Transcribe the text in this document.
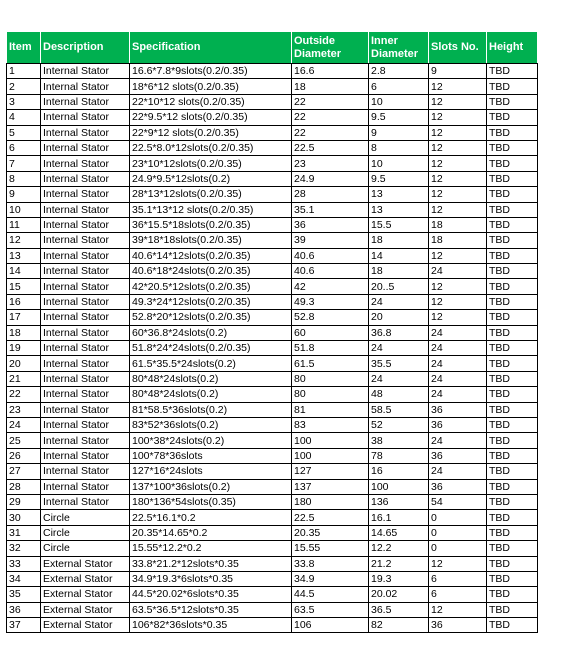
Item	Description	Specification	Outside Diameter	Inner Diameter	Slots No.	Height
1	Internal Stator	16.6*7.8*9slots(0.2/0.35)	16.6	2.8	9	TBD
2	Internal Stator	18*6*12 slots(0.2/0.35)	18	6	12	TBD
3	Internal Stator	22*10*12 slots(0.2/0.35)	22	10	12	TBD
4	Internal Stator	22*9.5*12 slots(0.2/0.35)	22	9.5	12	TBD
5	Internal Stator	22*9*12 slots(0.2/0.35)	22	9	12	TBD
6	Internal Stator	22.5*8.0*12slots(0.2/0.35)	22.5	8	12	TBD
7	Internal Stator	23*10*12slots(0.2/0.35)	23	10	12	TBD
8	Internal Stator	24.9*9.5*12slots(0.2)	24.9	9.5	12	TBD
9	Internal Stator	28*13*12slots(0.2/0.35)	28	13	12	TBD
10	Internal Stator	35.1*13*12 slots(0.2/0.35)	35.1	13	12	TBD
11	Internal Stator	36*15.5*18slots(0.2/0.35)	36	15.5	18	TBD
12	Internal Stator	39*18*18slots(0.2/0.35)	39	18	18	TBD
13	Internal Stator	40.6*14*12slots(0.2/0.35)	40.6	14	12	TBD
14	Internal Stator	40.6*18*24slots(0.2/0.35)	40.6	18	24	TBD
15	Internal Stator	42*20.5*12slots(0.2/0.35)	42	20..5	12	TBD
16	Internal Stator	49.3*24*12slots(0.2/0.35)	49.3	24	12	TBD
17	Internal Stator	52.8*20*12slots(0.2/0.35)	52.8	20	12	TBD
18	Internal Stator	60*36.8*24slots(0.2)	60	36.8	24	TBD
19	Internal Stator	51.8*24*24slots(0.2/0.35)	51.8	24	24	TBD
20	Internal Stator	61.5*35.5*24slots(0.2)	61.5	35.5	24	TBD
21	Internal Stator	80*48*24slots(0.2)	80	24	24	TBD
22	Internal Stator	80*48*24slots(0.2)	80	48	24	TBD
23	Internal Stator	81*58.5*36slots(0.2)	81	58.5	36	TBD
24	Internal Stator	83*52*36slots(0.2)	83	52	36	TBD
25	Internal Stator	100*38*24slots(0.2)	100	38	24	TBD
26	Internal Stator	100*78*36slots	100	78	36	TBD
27	Internal Stator	127*16*24slots	127	16	24	TBD
28	Internal Stator	137*100*36slots(0.2)	137	100	36	TBD
29	Internal Stator	180*136*54slots(0.35)	180	136	54	TBD
30	Circle	22.5*16.1*0.2	22.5	16.1	0	TBD
31	Circle	20.35*14.65*0.2	20.35	14.65	0	TBD
32	Circle	15.55*12.2*0.2	15.55	12.2	0	TBD
33	External Stator	33.8*21.2*12slots*0.35	33.8	21.2	12	TBD
34	External Stator	34.9*19.3*6slots*0.35	34.9	19.3	6	TBD
35	External Stator	44.5*20.02*6slots*0.35	44.5	20.02	6	TBD
36	External Stator	63.5*36.5*12slots*0.35	63.5	36.5	12	TBD
37	External Stator	106*82*36slots*0.35	106	82	36	TBD
